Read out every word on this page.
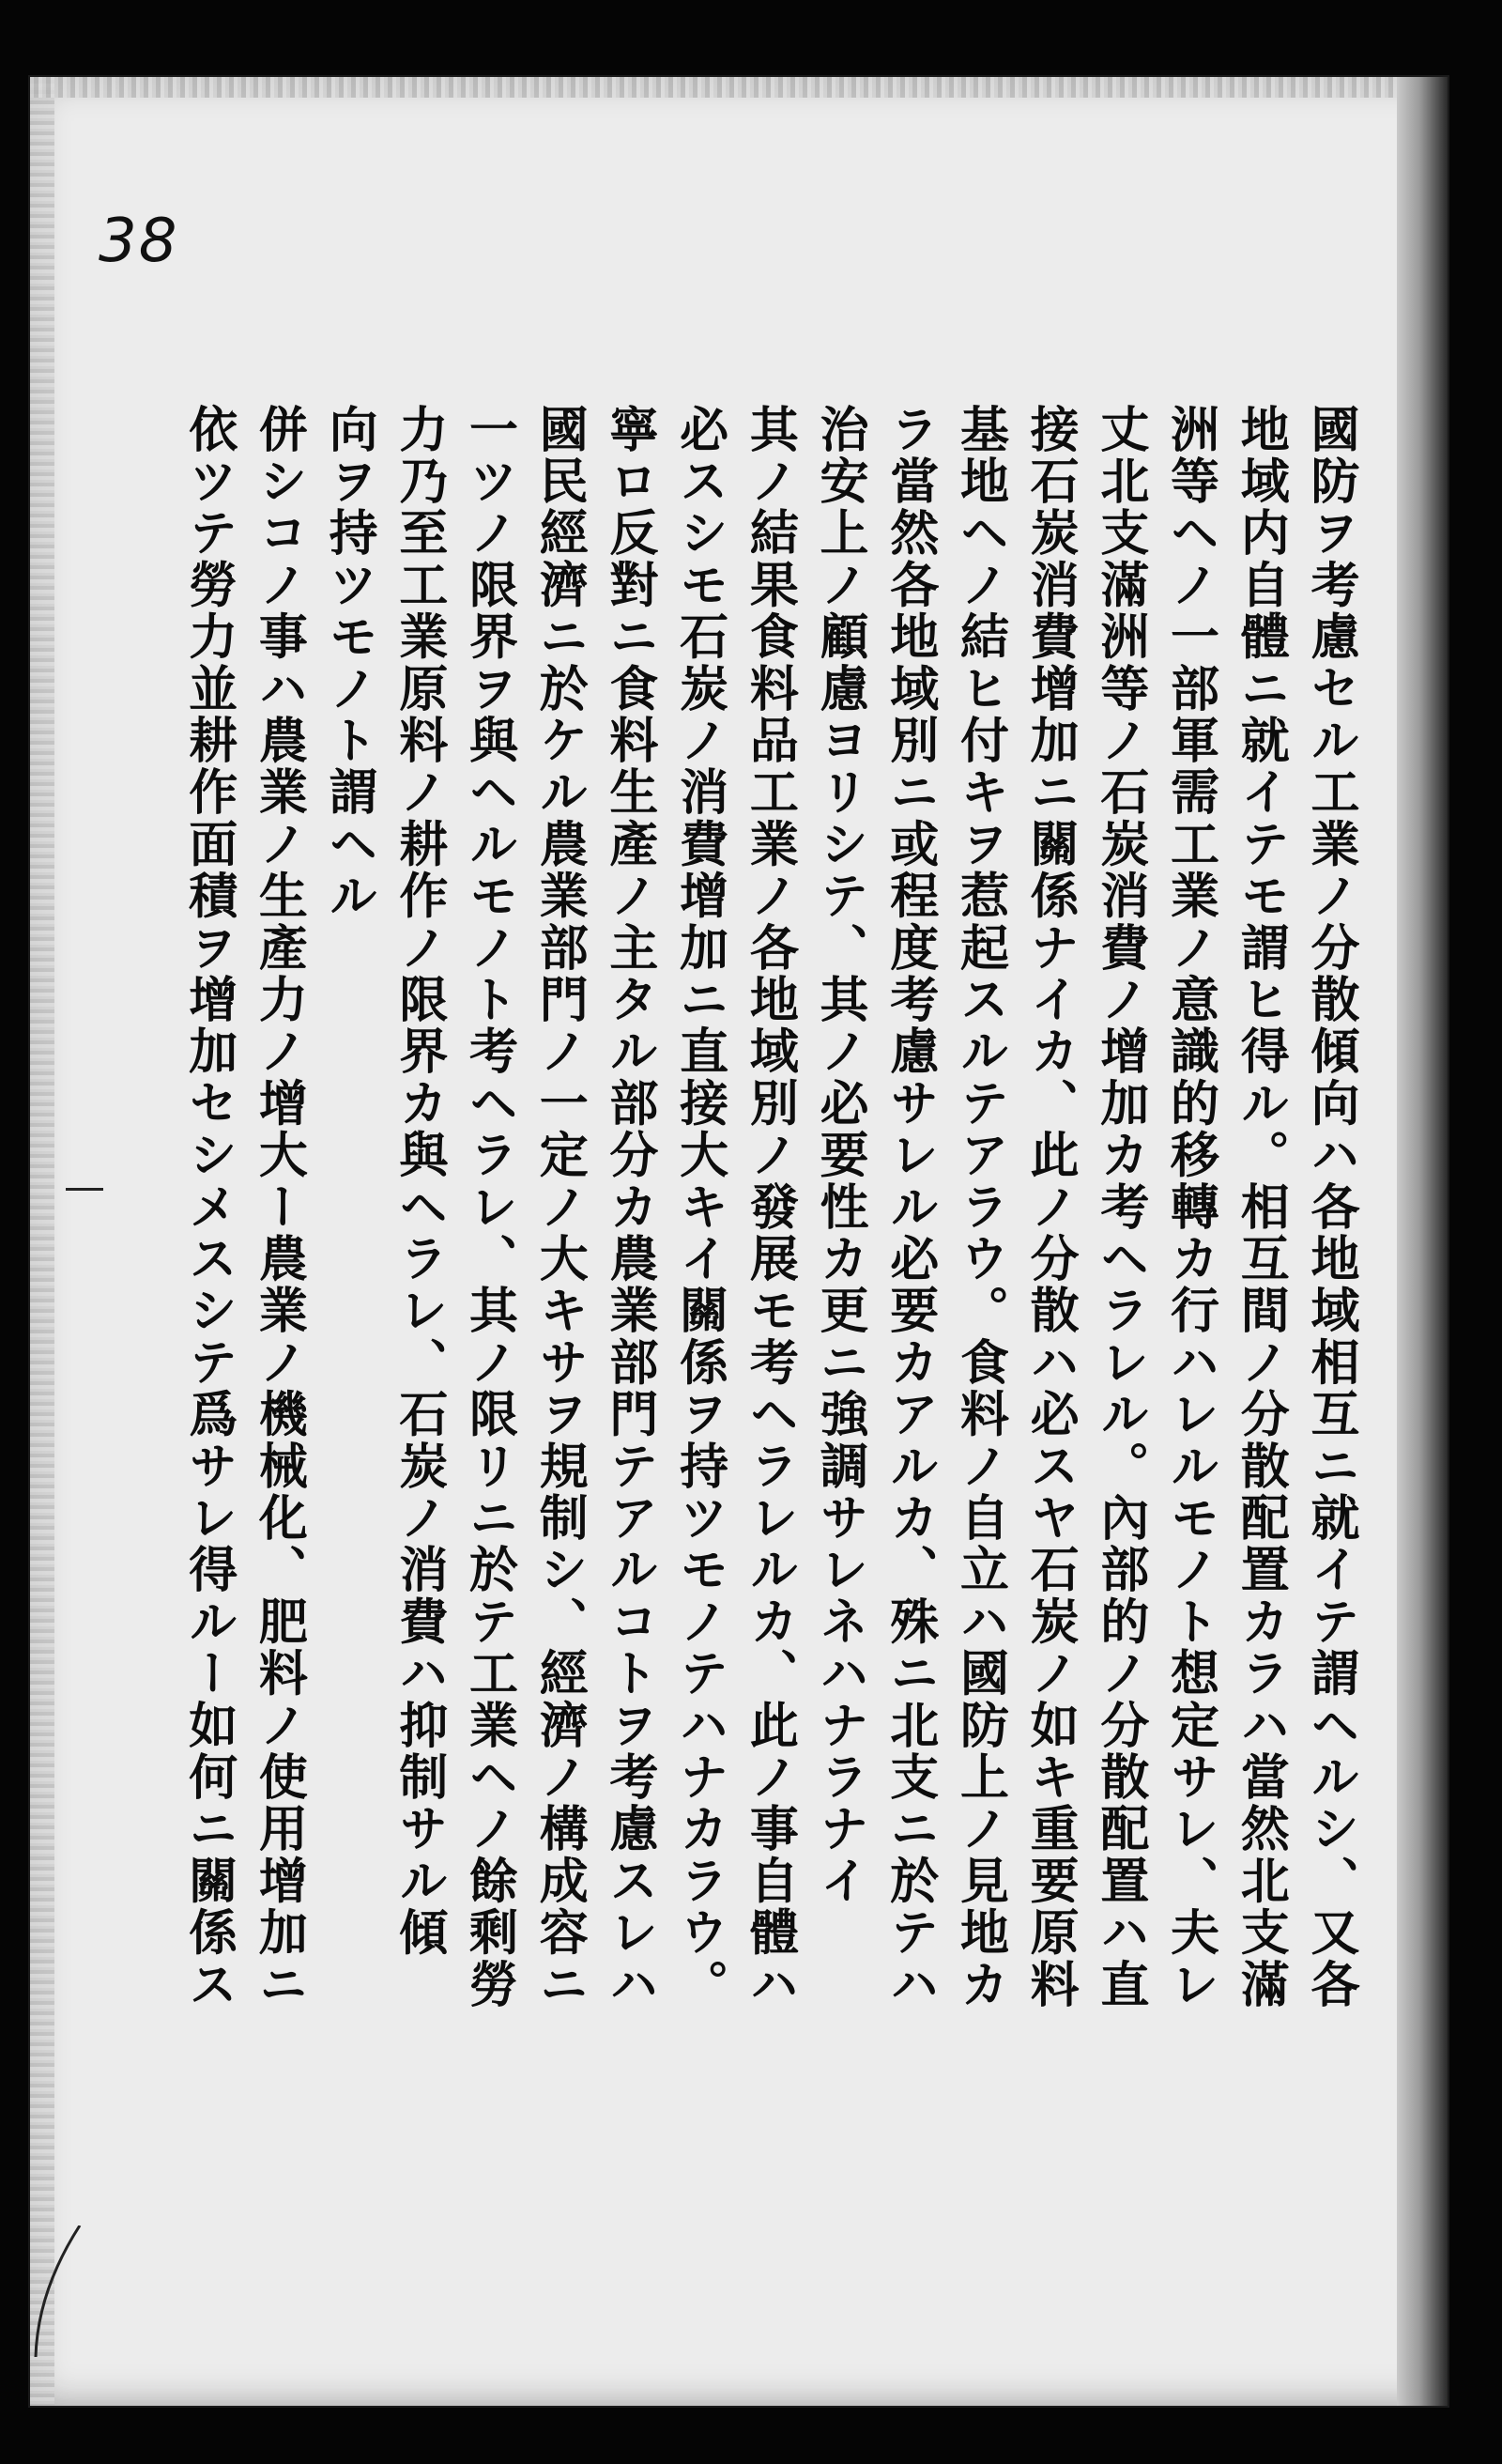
38
國防ヲ考慮セル工業ノ分散傾向ハ各地域相互ニ就イテ謂ヘルシ、又各
地域内自體ニ就イテモ謂ヒ得ル。相互間ノ分散配置カラハ當然北支滿
洲等ヘノ一部軍需工業ノ意識的移轉カ行ハレルモノト想定サレ、夫レ
丈北支滿洲等ノ石炭消費ノ增加カ考ヘラレル。內部的ノ分散配置ハ直
接石炭消費增加ニ關係ナイカ、此ノ分散ハ必スヤ石炭ノ如キ重要原料
基地ヘノ結ヒ付キヲ惹起スルテアラウ。食料ノ自立ハ國防上ノ見地カ
ラ當然各地域別ニ或程度考慮サレル必要カアルカ、殊ニ北支ニ於テハ
治安上ノ顧慮ヨリシテ、其ノ必要性カ更ニ強調サレネハナラナイ
其ノ結果食料品工業ノ各地域別ノ發展モ考ヘラレルカ、此ノ事自體ハ
必スシモ石炭ノ消費增加ニ直接大キイ關係ヲ持ツモノテハナカラウ。
寧ロ反對ニ食料生產ノ主タル部分カ農業部門テアルコトヲ考慮スレハ
國民經濟ニ於ケル農業部門ノ一定ノ大キサヲ規制シ、經濟ノ構成容ニ
一ツノ限界ヲ與ヘルモノト考ヘラレ、其ノ限リニ於テ工業ヘノ餘剩勞
力乃至工業原料ノ耕作ノ限界カ與ヘラレ、石炭ノ消費ハ抑制サル傾
向ヲ持ツモノト謂ヘル
併シコノ事ハ農業ノ生產力ノ增大ー農業ノ機械化、肥料ノ使用增加ニ
依ツテ勞力並耕作面積ヲ增加セシメスシテ爲サレ得ルー如何ニ關係ス
